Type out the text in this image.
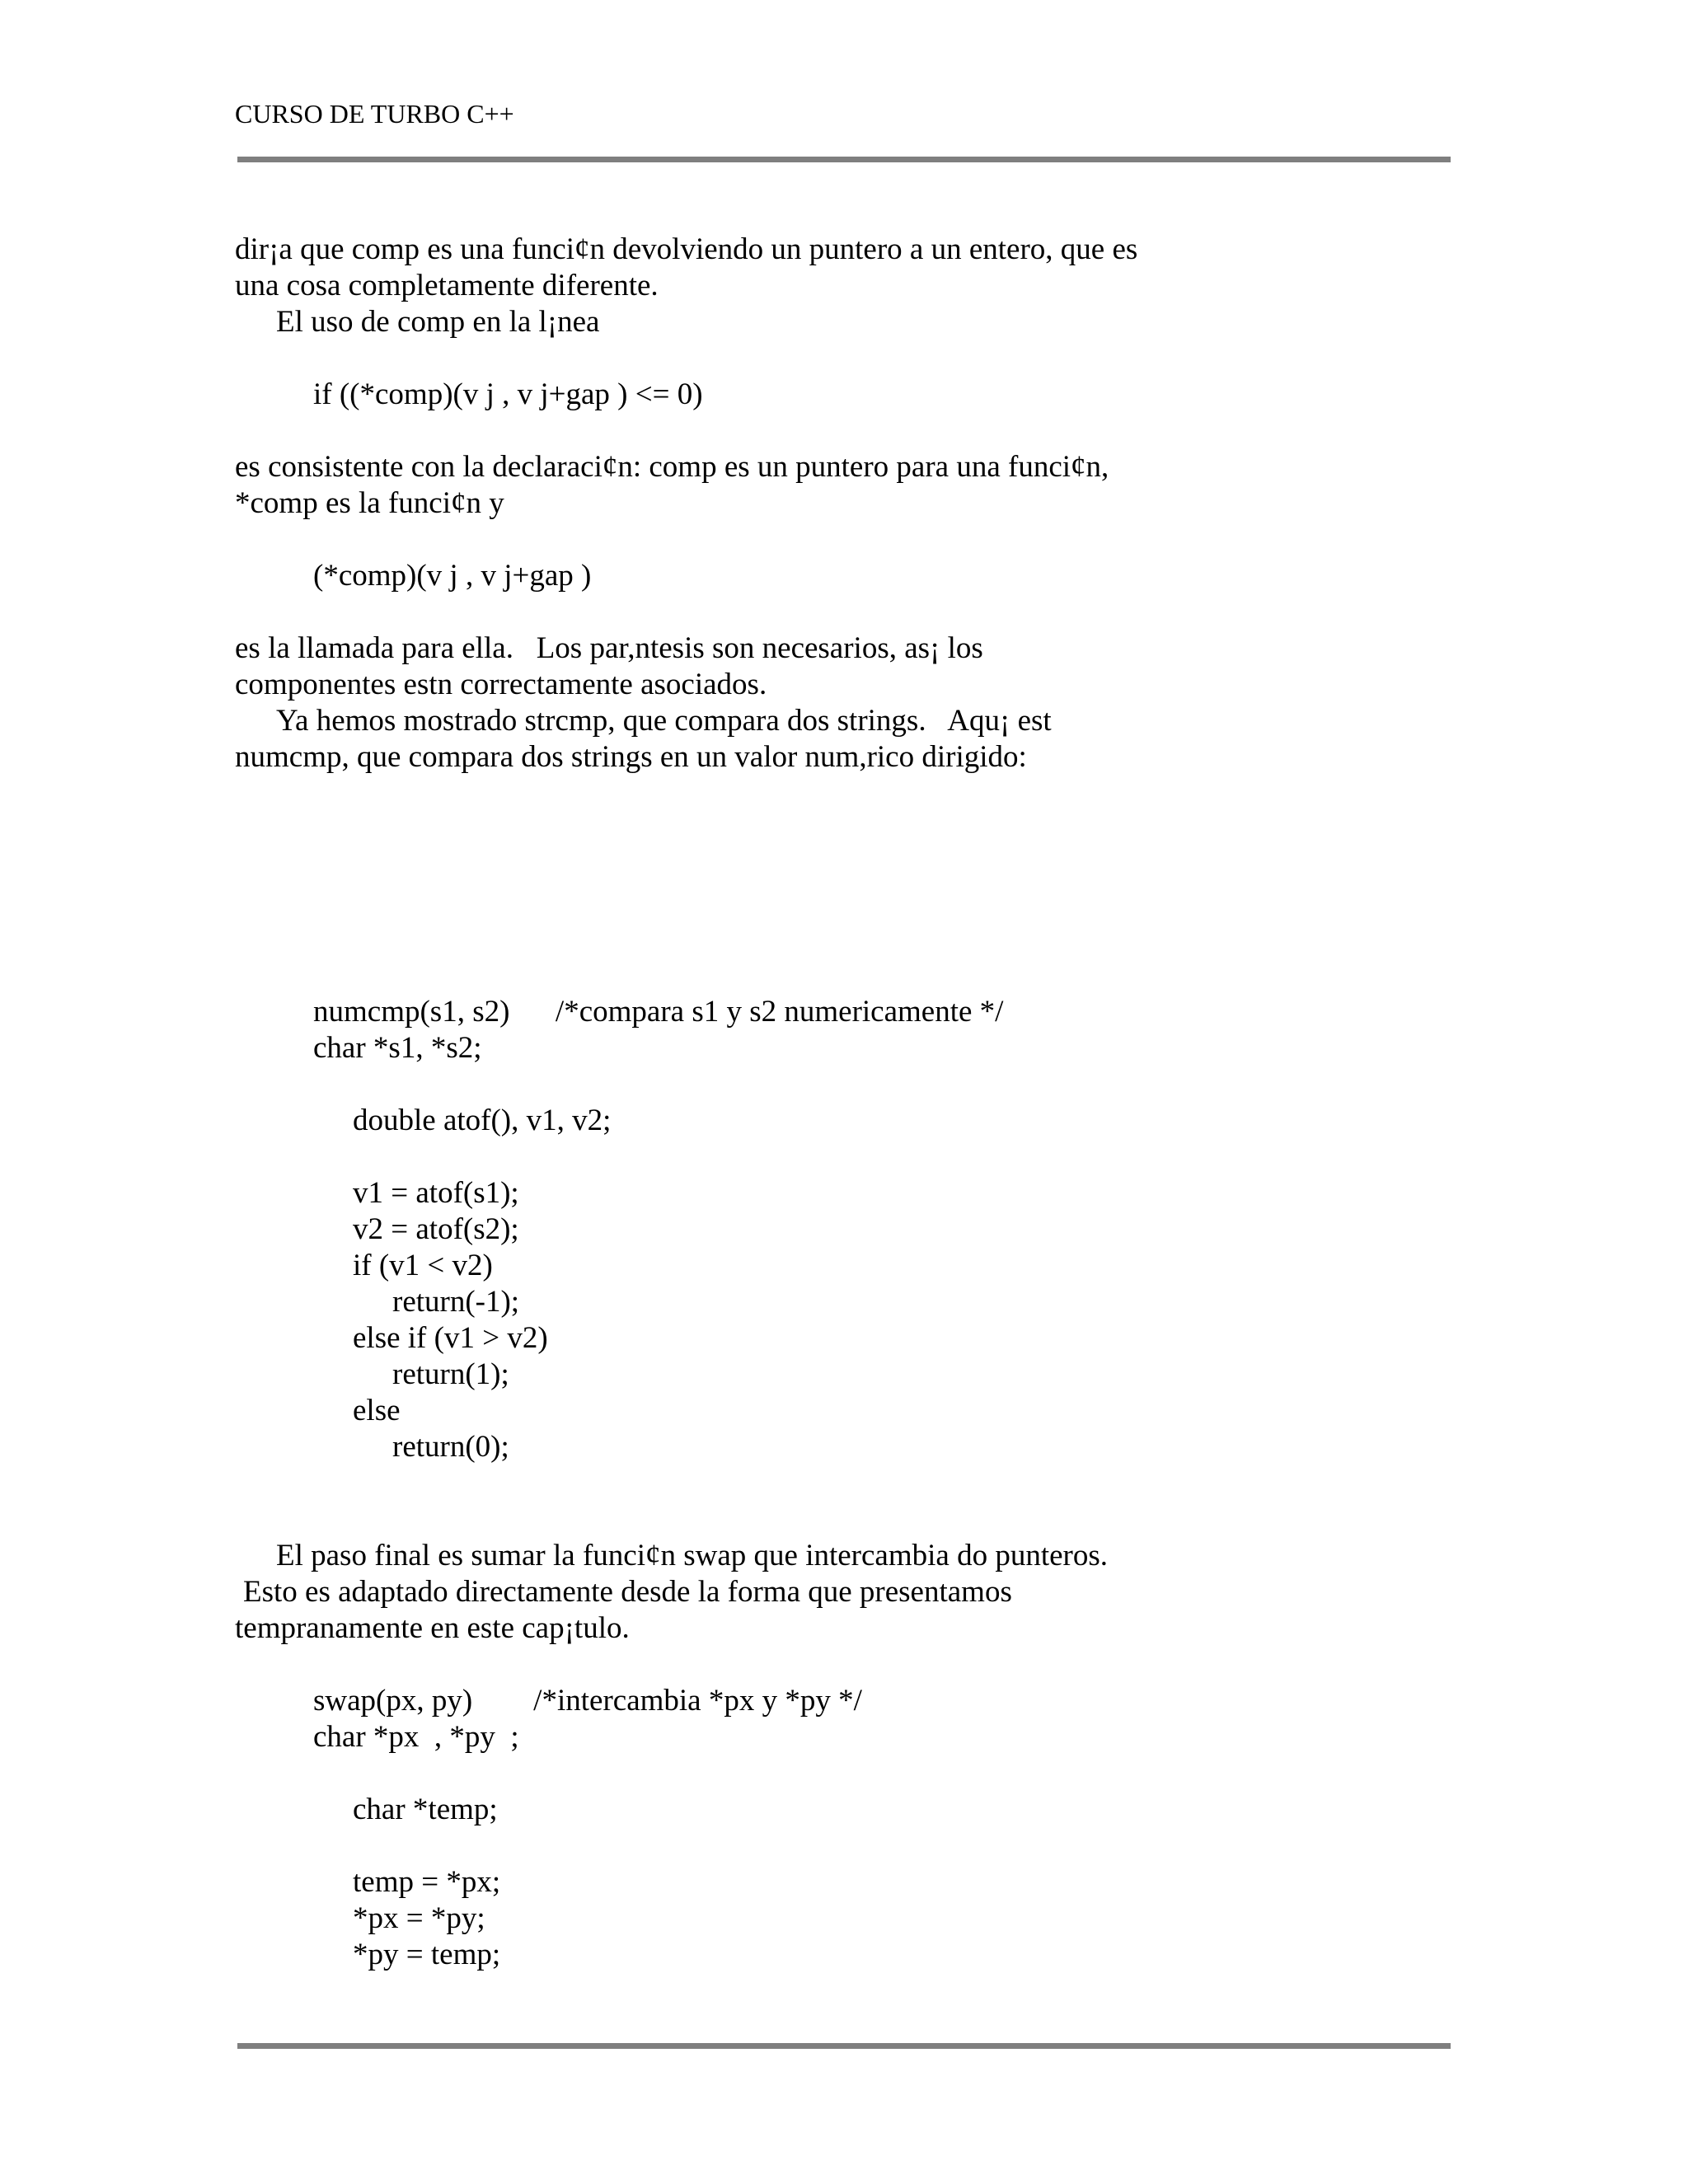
CURSO DE TURBO C++
dir¡a que comp es una funci¢n devolviendo un puntero a un entero, que es
una cosa completamente diferente.
El uso de comp en la l¡nea
if ((*comp)(v j , v j+gap ) <= 0)
es consistente con la declaraci¢n: comp es un puntero para una funci¢n,
*comp es la funci¢n y
(*comp)(v j , v j+gap )
es la llamada para ella.   Los par,ntesis son necesarios, as¡ los
componentes estn correctamente asociados.
Ya hemos mostrado strcmp, que compara dos strings.   Aqu¡ est
numcmp, que compara dos strings en un valor num,rico dirigido:
numcmp(s1, s2)      /*compara s1 y s2 numericamente */
char *s1, *s2;
double atof(), v1, v2;
v1 = atof(s1);
v2 = atof(s2);
if (v1 < v2)
return(-1);
else if (v1 > v2)
return(1);
else
return(0);
El paso final es sumar la funci¢n swap que intercambia do punteros.
Esto es adaptado directamente desde la forma que presentamos
tempranamente en este cap¡tulo.
swap(px, py)        /*intercambia *px y *py */
char *px  , *py  ;
char *temp;
temp = *px;
*px = *py;
*py = temp;
